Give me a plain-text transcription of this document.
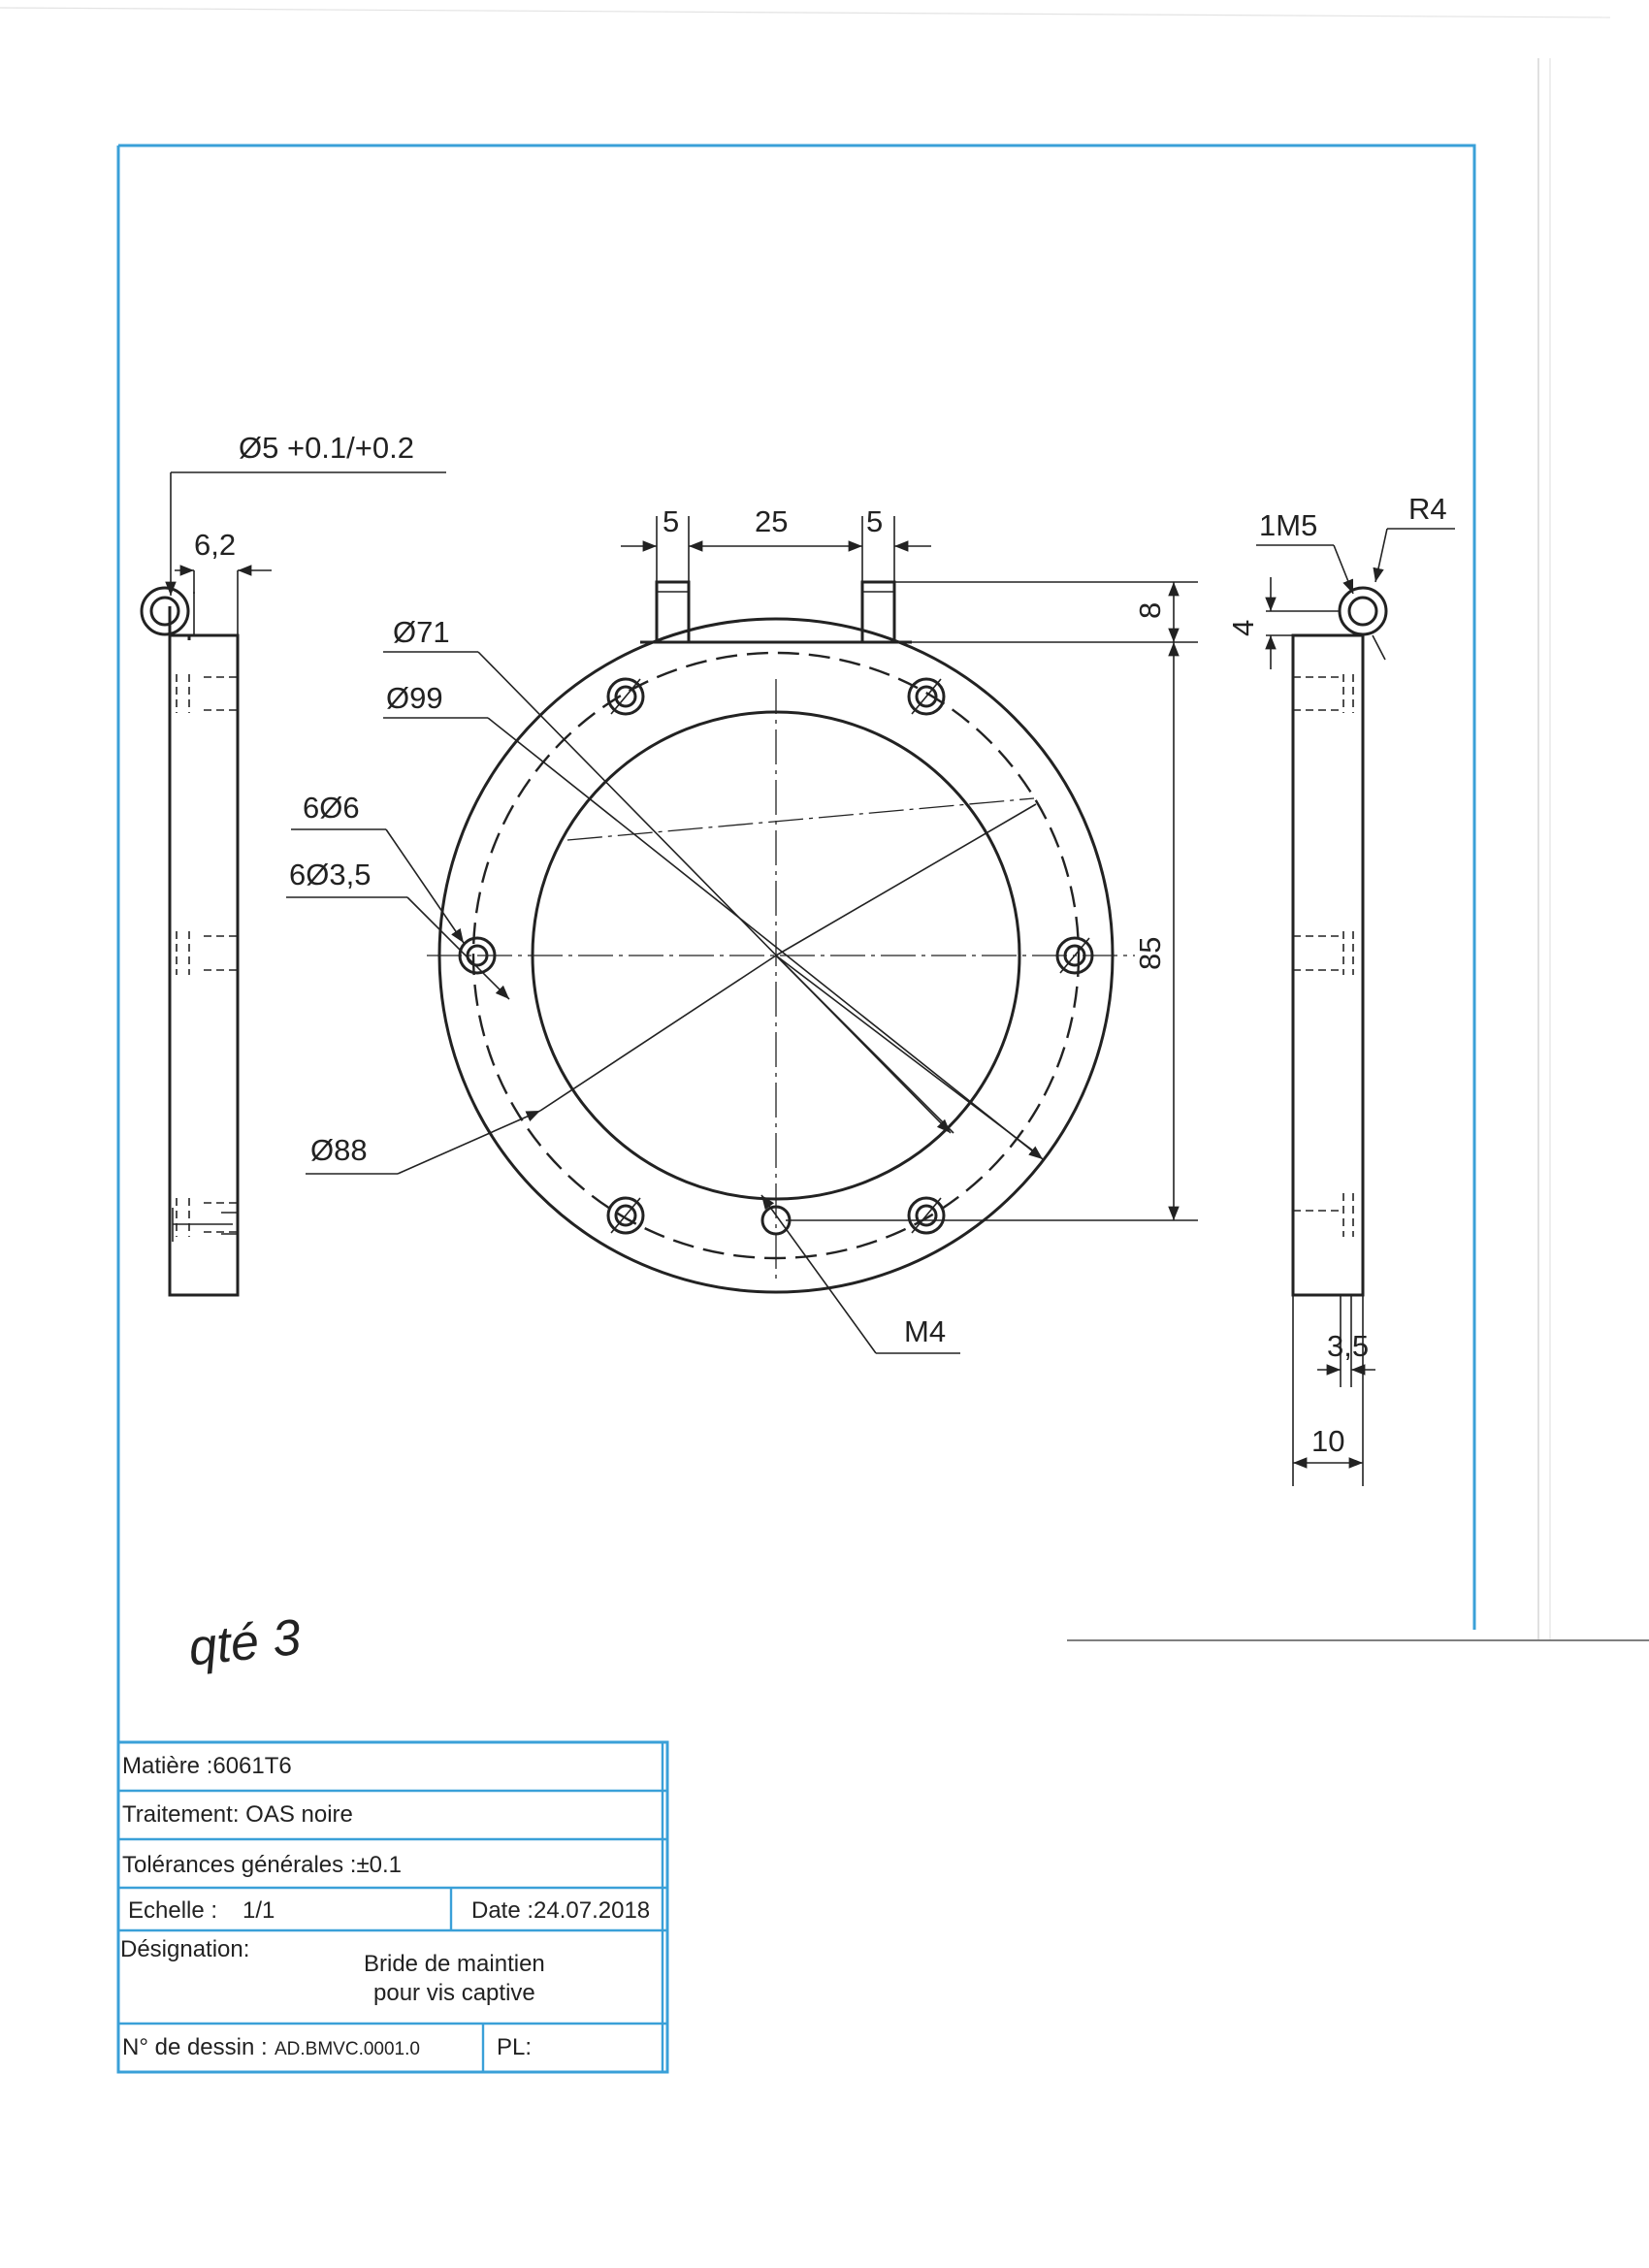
Ø5 +0.1/+0.2
6,2
5	25	5
Ø71
Ø99
6Ø6
6Ø3,5
Ø88
M4
8
85
1M5	R4
4
3,5
10
qté 3
Matière :6061T6
Traitement: OAS noire
Tolérances générales :±0.1
Echelle : 1/1	Date :24.07.2018
Désignation:
Bride de maintien
pour vis captive
N° de dessin : AD.BMVC.0001.0	PL:
